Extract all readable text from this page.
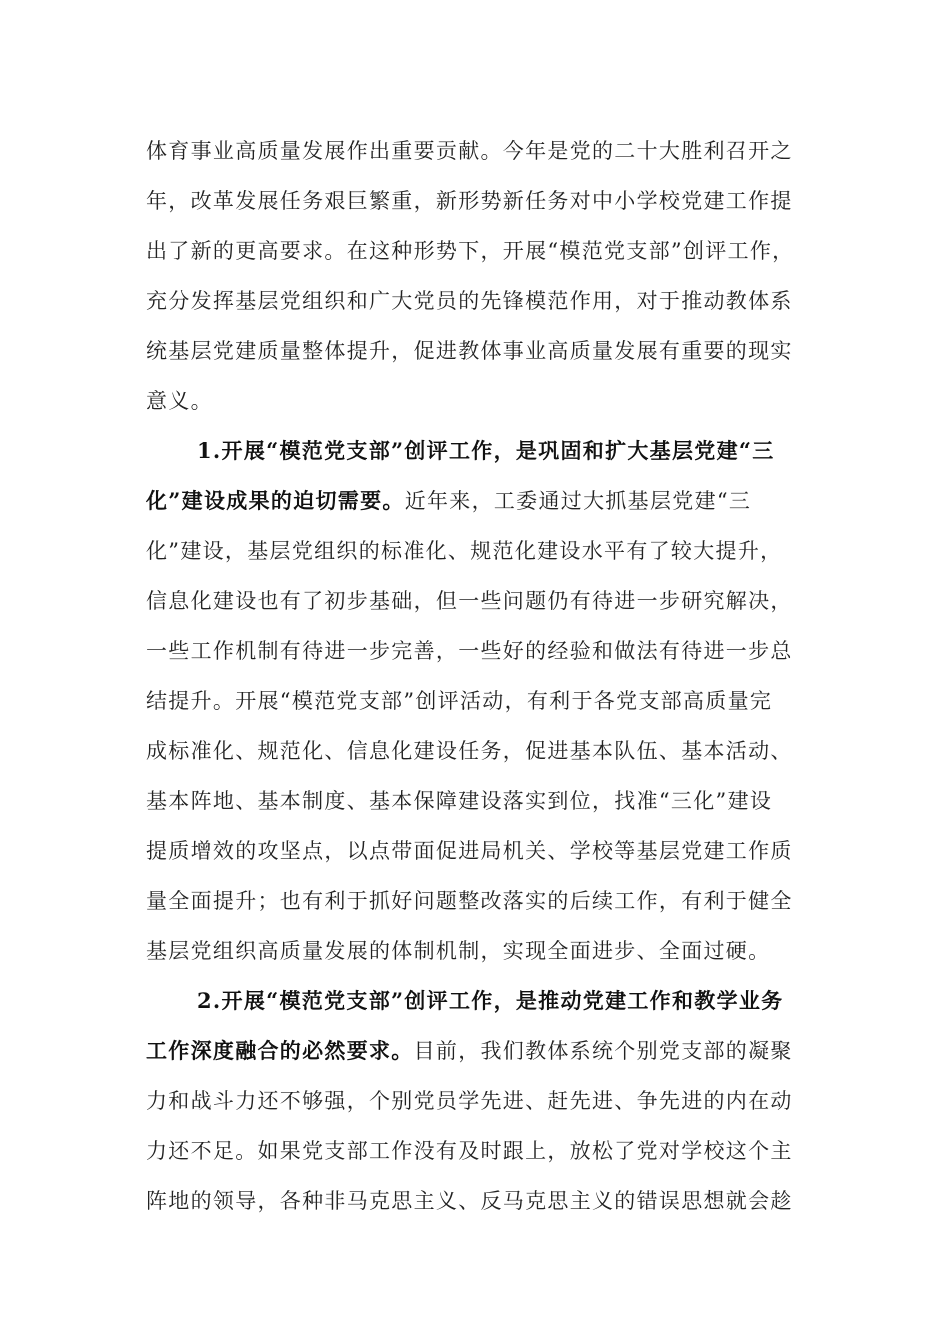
体育事业高质量发展作出重要贡献。今年是党的二十大胜利召开之
年，改革发展任务艰巨繁重，新形势新任务对中小学校党建工作提
出了新的更高要求。在这种形势下，开展“模范党支部”创评工作，
充分发挥基层党组织和广大党员的先锋模范作用，对于推动教体系
统基层党建质量整体提升，促进教体事业高质量发展有重要的现实
意义。
1.开展“模范党支部”创评工作，是巩固和扩大基层党建“三
化”建设成果的迫切需要。近年来，工委通过大抓基层党建“三
化”建设，基层党组织的标准化、规范化建设水平有了较大提升，
信息化建设也有了初步基础，但一些问题仍有待进一步研究解决，
一些工作机制有待进一步完善，一些好的经验和做法有待进一步总
结提升。开展“模范党支部”创评活动，有利于各党支部高质量完
成标准化、规范化、信息化建设任务，促进基本队伍、基本活动、
基本阵地、基本制度、基本保障建设落实到位，找准“三化”建设
提质增效的攻坚点，以点带面促进局机关、学校等基层党建工作质
量全面提升；也有利于抓好问题整改落实的后续工作，有利于健全
基层党组织高质量发展的体制机制，实现全面进步、全面过硬。
2.开展“模范党支部”创评工作，是推动党建工作和教学业务
工作深度融合的必然要求。目前，我们教体系统个别党支部的凝聚
力和战斗力还不够强，个别党员学先进、赶先进、争先进的内在动
力还不足。如果党支部工作没有及时跟上，放松了党对学校这个主
阵地的领导，各种非马克思主义、反马克思主义的错误思想就会趁
